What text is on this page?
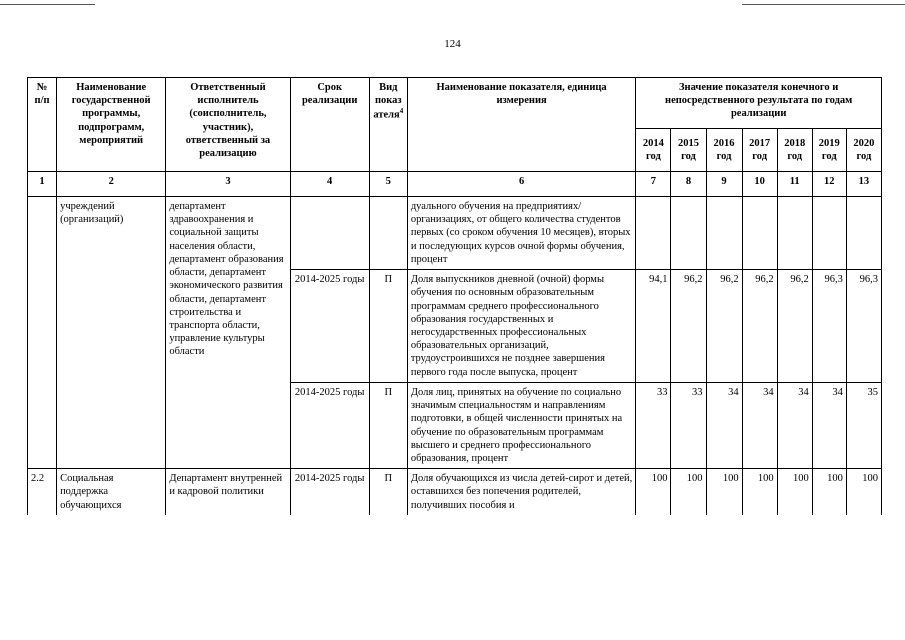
124
№ п/п	Наименование государственной программы, подпрограмм, мероприятий	Ответственный исполнитель (соисполнитель, участник), ответственный за реализацию	Срок реализации	Вид показателя$^4$	Наименование показателя, единица измерения	Значение показателя конечного и непосредственного результата по годам реализации						
						2014 год	2015 год	2016 год	2017 год	2018 год	2019 год	2020 год
1	2	3	4	5	6	7	8	9	10	11	12	13
	учреждений (организаций)	департамент здравоохранения и социальной защиты населения области, департамент образования области, департамент экономического развития области, департамент строительства и транспорта области, управление культуры области			дуального обучения на предприятиях/организациях, от общего количества студентов первых (со сроком обучения 10 месяцев), вторых и последующих курсов очной формы обучения, процент							
			2014-2025 годы	П	Доля выпускников дневной (очной) формы обучения по основным образовательным программам среднего профессионального образования государственных и негосударственных профессиональных образовательных организаций, трудоустроившихся не позднее завершения первого года после выпуска, процент	94,1	96,2	96,2	96,2	96,2	96,3	96,3
			2014-2025 годы	П	Доля лиц, принятых на обучение по социально значимым специальностям и направлениям подготовки, в общей численности принятых на обучение по образовательным программам высшего и среднего профессионального образования, процент	33	33	34	34	34	34	35
2.2	Социальная поддержка обучающихся	Департамент внутренней и кадровой политики	2014-2025 годы	П	Доля обучающихся из числа детей-сирот и детей, оставшихся без попечения родителей, получивших пособия и	100	100	100	100	100	100	100
